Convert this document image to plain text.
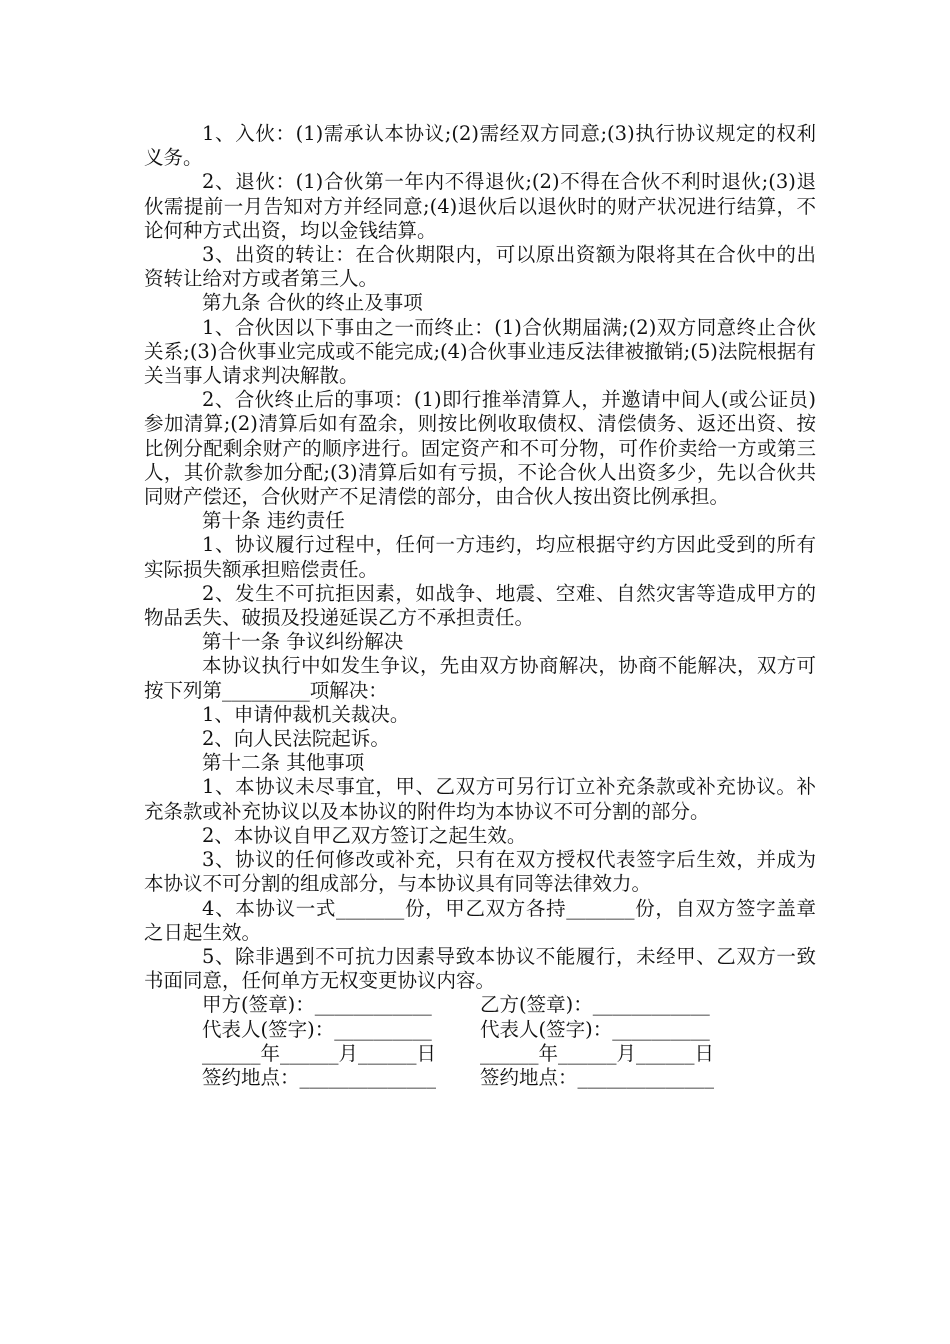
1、入伙：(1)需承认本协议;(2)需经双方同意;(3)执行协议规定的权利义务。

2、退伙：(1)合伙第一年内不得退伙;(2)不得在合伙不利时退伙;(3)退伙需提前一月告知对方并经同意;(4)退伙后以退伙时的财产状况进行结算，不论何种方式出资，均以金钱结算。

3、出资的转让：在合伙期限内，可以原出资额为限将其在合伙中的出资转让给对方或者第三人。

第九条 合伙的终止及事项

1、合伙因以下事由之一而终止：(1)合伙期届满;(2)双方同意终止合伙关系;(3)合伙事业完成或不能完成;(4)合伙事业违反法律被撤销;(5)法院根据有关当事人请求判决解散。

2、合伙终止后的事项：(1)即行推举清算人，并邀请中间人(或公证员)参加清算;(2)清算后如有盈余，则按比例收取债权、清偿债务、返还出资、按比例分配剩余财产的顺序进行。固定资产和不可分物，可作价卖给一方或第三人，其价款参加分配;(3)清算后如有亏损，不论合伙人出资多少，先以合伙共同财产偿还，合伙财产不足清偿的部分，由合伙人按出资比例承担。

第十条 违约责任

1、协议履行过程中，任何一方违约，均应根据守约方因此受到的所有实际损失额承担赔偿责任。

2、发生不可抗拒因素，如战争、地震、空难、自然灾害等造成甲方的物品丢失、破损及投递延误乙方不承担责任。

第十一条 争议纠纷解决

本协议执行中如发生争议，先由双方协商解决，协商不能解决，双方可按下列第_________项解决：

1、申请仲裁机关裁决。

2、向人民法院起诉。

第十二条 其他事项

1、本协议未尽事宜，甲、乙双方可另行订立补充条款或补充协议。补充条款或补充协议以及本协议的附件均为本协议不可分割的部分。

2、本协议自甲乙双方签订之起生效。

3、协议的任何修改或补充，只有在双方授权代表签字后生效，并成为本协议不可分割的组成部分，与本协议具有同等法律效力。

4、本协议一式_______份，甲乙双方各持_______份，自双方签字盖章之日起生效。

5、除非遇到不可抗力因素导致本协议不能履行，未经甲、乙双方一致书面同意，任何单方无权变更协议内容。

甲方(签章)：____________	乙方(签章)：____________
代表人(签字)：__________	代表人(签字)：__________
______年______月______日	______年______月______日
签约地点：______________	签约地点：______________
